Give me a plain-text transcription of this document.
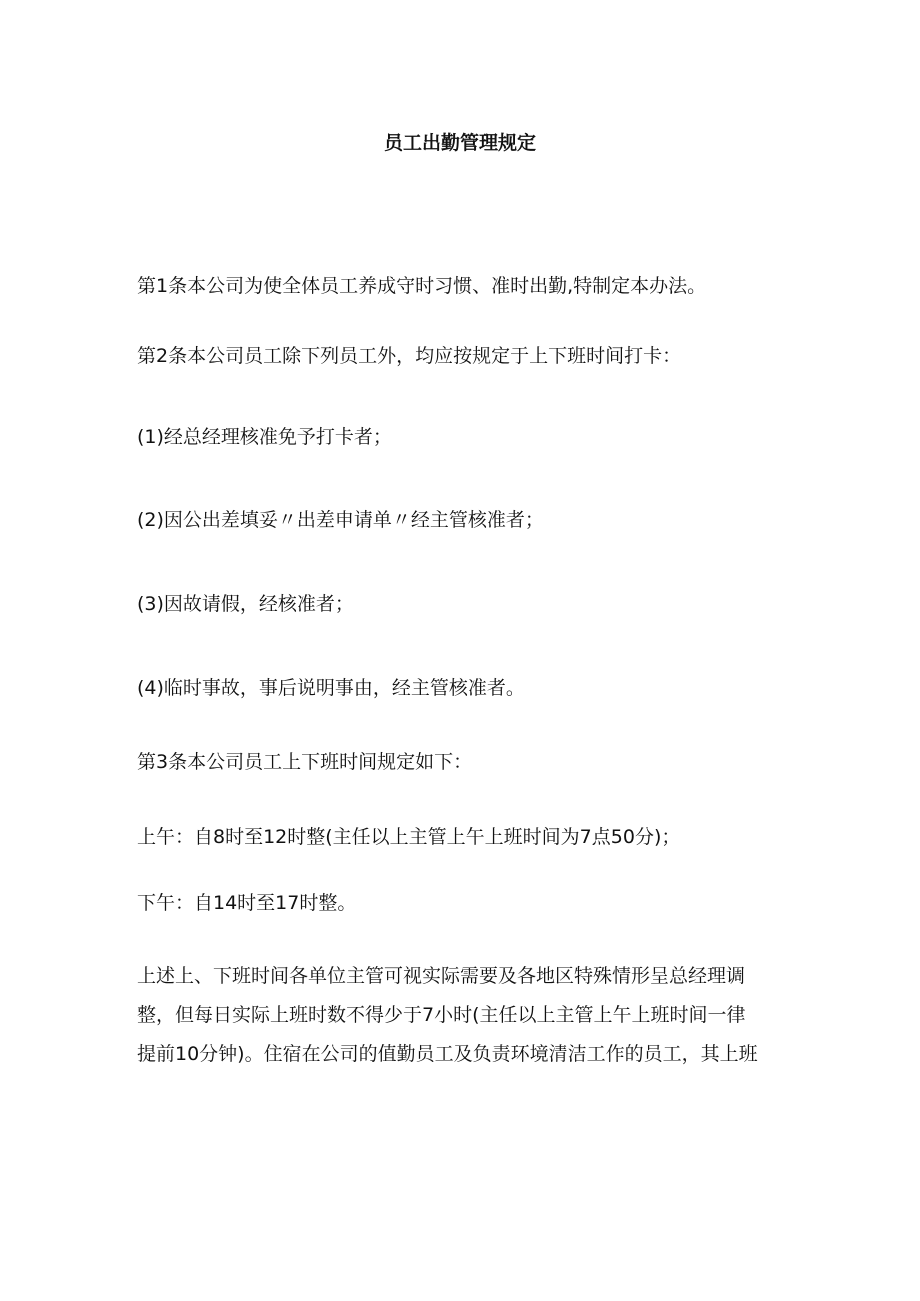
员工出勤管理规定
第1条本公司为使全体员工养成守时习惯、准时出勤,特制定本办法。
第2条本公司员工除下列员工外，均应按规定于上下班时间打卡：
(1)经总经理核准免予打卡者；
(2)因公出差填妥〃出差申请单〃经主管核准者；
(3)因故请假，经核准者；
(4)临时事故，事后说明事由，经主管核准者。
第3条本公司员工上下班时间规定如下：
上午：自8时至12时整(主任以上主管上午上班时间为7点50分)；
下午：自14时至17时整。
上述上、下班时间各单位主管可视实际需要及各地区特殊情形呈总经理调
整，但每日实际上班时数不得少于7小时(主任以上主管上午上班时间一律
提前10分钟)。住宿在公司的值勤员工及负责环境清洁工作的员工，其上班
